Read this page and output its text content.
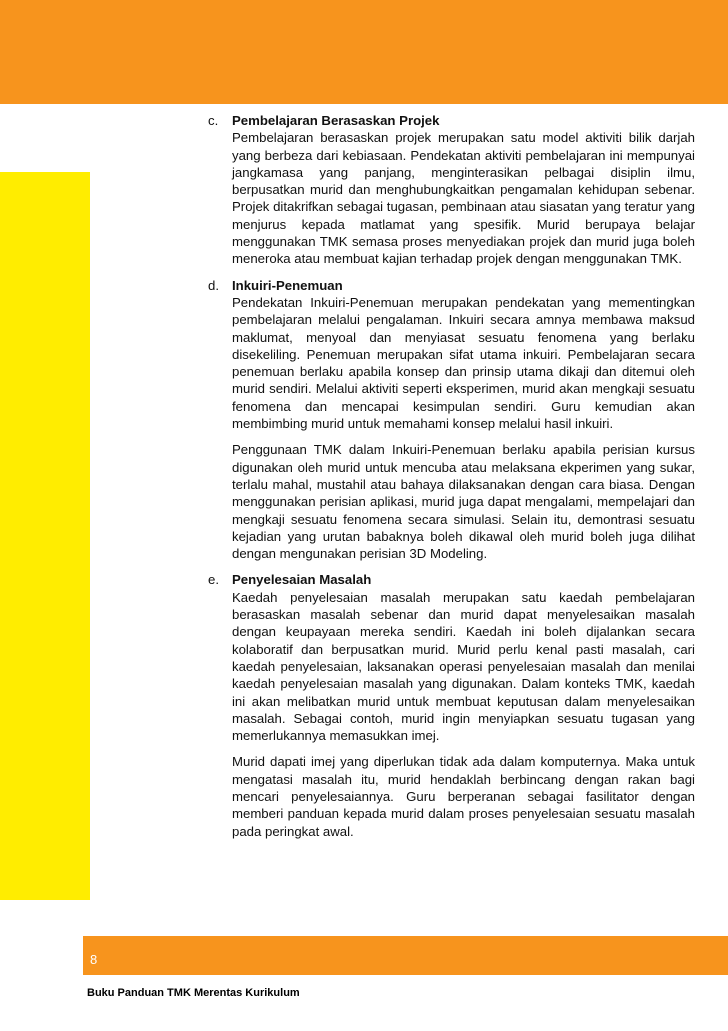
c. Pembelajaran Berasaskan Projek

Pembelajaran berasaskan projek merupakan satu model aktiviti bilik darjah yang berbeza dari kebiasaan. Pendekatan aktiviti pembelajaran ini mempunyai jangkamasa yang panjang, menginterasikan pelbagai disiplin ilmu, berpusatkan murid dan menghubungkaitkan pengamalan kehidupan sebenar. Projek ditakrifkan sebagai tugasan, pembinaan atau siasatan yang teratur yang menjurus kepada matlamat yang spesifik. Murid berupaya belajar menggunakan TMK semasa proses menyediakan projek dan murid juga boleh meneroka atau membuat kajian terhadap projek dengan menggunakan TMK.

d. Inkuiri-Penemuan

Pendekatan Inkuiri-Penemuan merupakan pendekatan yang mementingkan pembelajaran melalui pengalaman. Inkuiri secara amnya membawa maksud maklumat, menyoal dan menyiasat sesuatu fenomena yang berlaku disekeliling. Penemuan merupakan sifat utama inkuiri. Pembelajaran secara penemuan berlaku apabila konsep dan prinsip utama dikaji dan ditemui oleh murid sendiri. Melalui aktiviti seperti eksperimen, murid akan mengkaji sesuatu fenomena dan mencapai kesimpulan sendiri. Guru kemudian akan membimbing murid untuk memahami konsep melalui hasil inkuiri.

Penggunaan TMK dalam Inkuiri-Penemuan berlaku apabila perisian kursus digunakan oleh murid untuk mencuba atau melaksana ekperimen yang sukar, terlalu mahal, mustahil atau bahaya dilaksanakan dengan cara biasa. Dengan menggunakan perisian aplikasi, murid juga dapat mengalami, mempelajari dan mengkaji sesuatu fenomena secara simulasi. Selain itu, demontrasi sesuatu kejadian yang urutan babaknya boleh dikawal oleh murid boleh juga dilihat dengan mengunakan perisian 3D Modeling.

e. Penyelesaian Masalah

Kaedah penyelesaian masalah merupakan satu kaedah pembelajaran berasaskan masalah sebenar dan murid dapat menyelesaikan masalah dengan keupayaan mereka sendiri. Kaedah ini boleh dijalankan secara kolaboratif dan berpusatkan murid. Murid perlu kenal pasti masalah, cari kaedah penyelesaian, laksanakan operasi penyelesaian masalah dan menilai kaedah penyelesaian masalah yang digunakan. Dalam konteks TMK, kaedah ini akan melibatkan murid untuk membuat keputusan dalam menyelesaikan masalah. Sebagai contoh, murid ingin menyiapkan sesuatu tugasan yang memerlukannya memasukkan imej.

Murid dapati imej yang diperlukan tidak ada dalam komputernya. Maka untuk mengatasi masalah itu, murid hendaklah berbincang dengan rakan bagi mencari penyelesaiannya. Guru berperanan sebagai fasilitator dengan memberi panduan kepada murid dalam proses penyelesaian sesuatu masalah pada peringkat awal.

8
Buku Panduan TMK Merentas Kurikulum
